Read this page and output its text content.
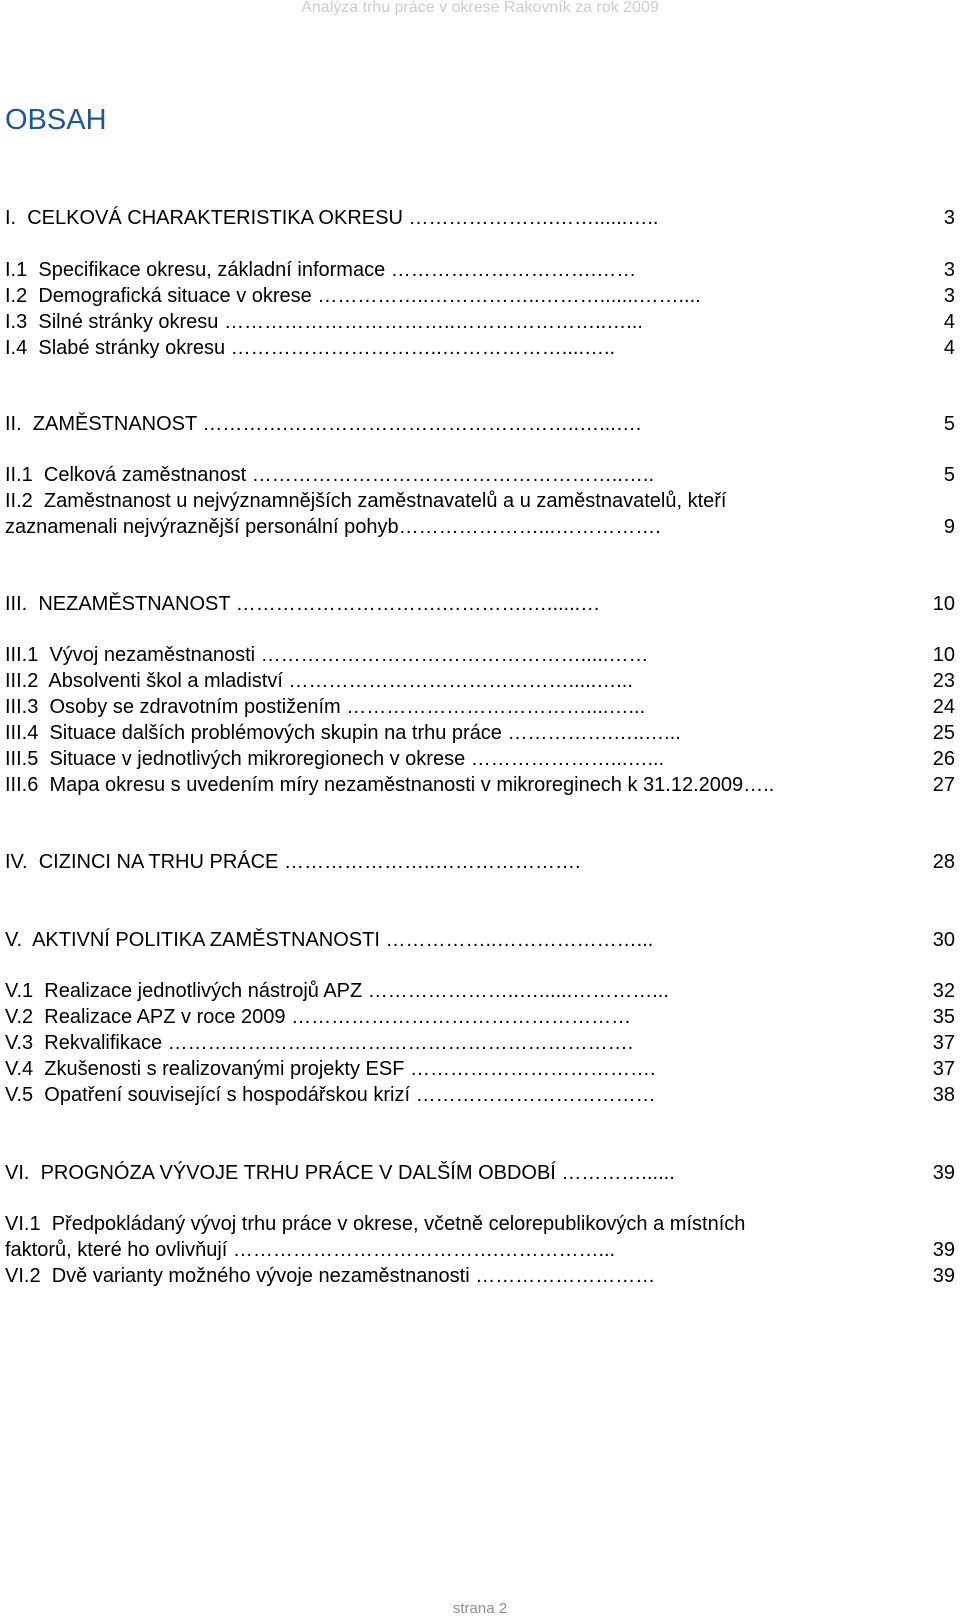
Analýza trhu práce v okrese Rakovník za rok 2009
OBSAH
I.  CELKOVÁ CHARAKTERISTIKA OKRESU ………………….……......…..	3
I.1  Specifikace okresu, základní informace ………………………….……	3
I.2  Demografická situace v okrese ……………..……………..……….......……....	3
I.3  Silné stránky okresu ……………………………..…………………..…...	4
I.4  Slabé stránky okresu …………………………..………………....…..	4
II.  ZAMĚSTNANOST ………….……………………………………..…...….	5
II.1  Celková zaměstnanost ………………………………………………..…..	5
II.2  Zaměstnanost u nejvýznamnějších zaměstnavatelů a u zaměstnavatelů, kteří
zaznamenali nejvýraznější personální pohyb…………………...…………….	9
III.  NEZAMĚSTNANOST ………………………….………….…......…	10
III.1  Vývoj nezaměstnanosti ………………………………………….....……	10
III.2  Absolventi škol a mladiství …………………………………….....…...	23
III.3  Osoby se zdravotním postižením ………………………………....…...	24
III.4  Situace dalších problémových skupin na trhu práce …………….…..…...	25
III.5  Situace v jednotlivých mikroregionech v okrese …………………...…...	26
III.6  Mapa okresu s uvedením míry nezaměstnanosti v mikroreginech k 31.12.2009…..	27
IV.  CIZINCI NA TRHU PRÁCE …………………..………………….	28
V.  AKTIVNÍ POLITIKA ZAMĚSTNANOSTI ……………..…………………...	30
V.1  Realizace jednotlivých nástrojů APZ …………………..…......…………...	32
V.2  Realizace APZ v roce 2009 ……………………………………………	35
V.3  Rekvalifikace …………………………………………………………….	37
V.4  Zkušenosti s realizovanými projekty ESF ……………………………….	37
V.5  Opatření související s hospodářskou krizí ………………………………	38
VI.  PROGNÓZA VÝVOJE TRHU PRÁCE V DALŠÍM OBDOBÍ …………......	39
VI.1  Předpokládaný vývoj trhu práce v okrese, včetně celorepublikových a místních
faktorů, které ho ovlivňují ………………………………….……………...	39
VI.2  Dvě varianty možného vývoje nezaměstnanosti ………………………	39
strana 2
